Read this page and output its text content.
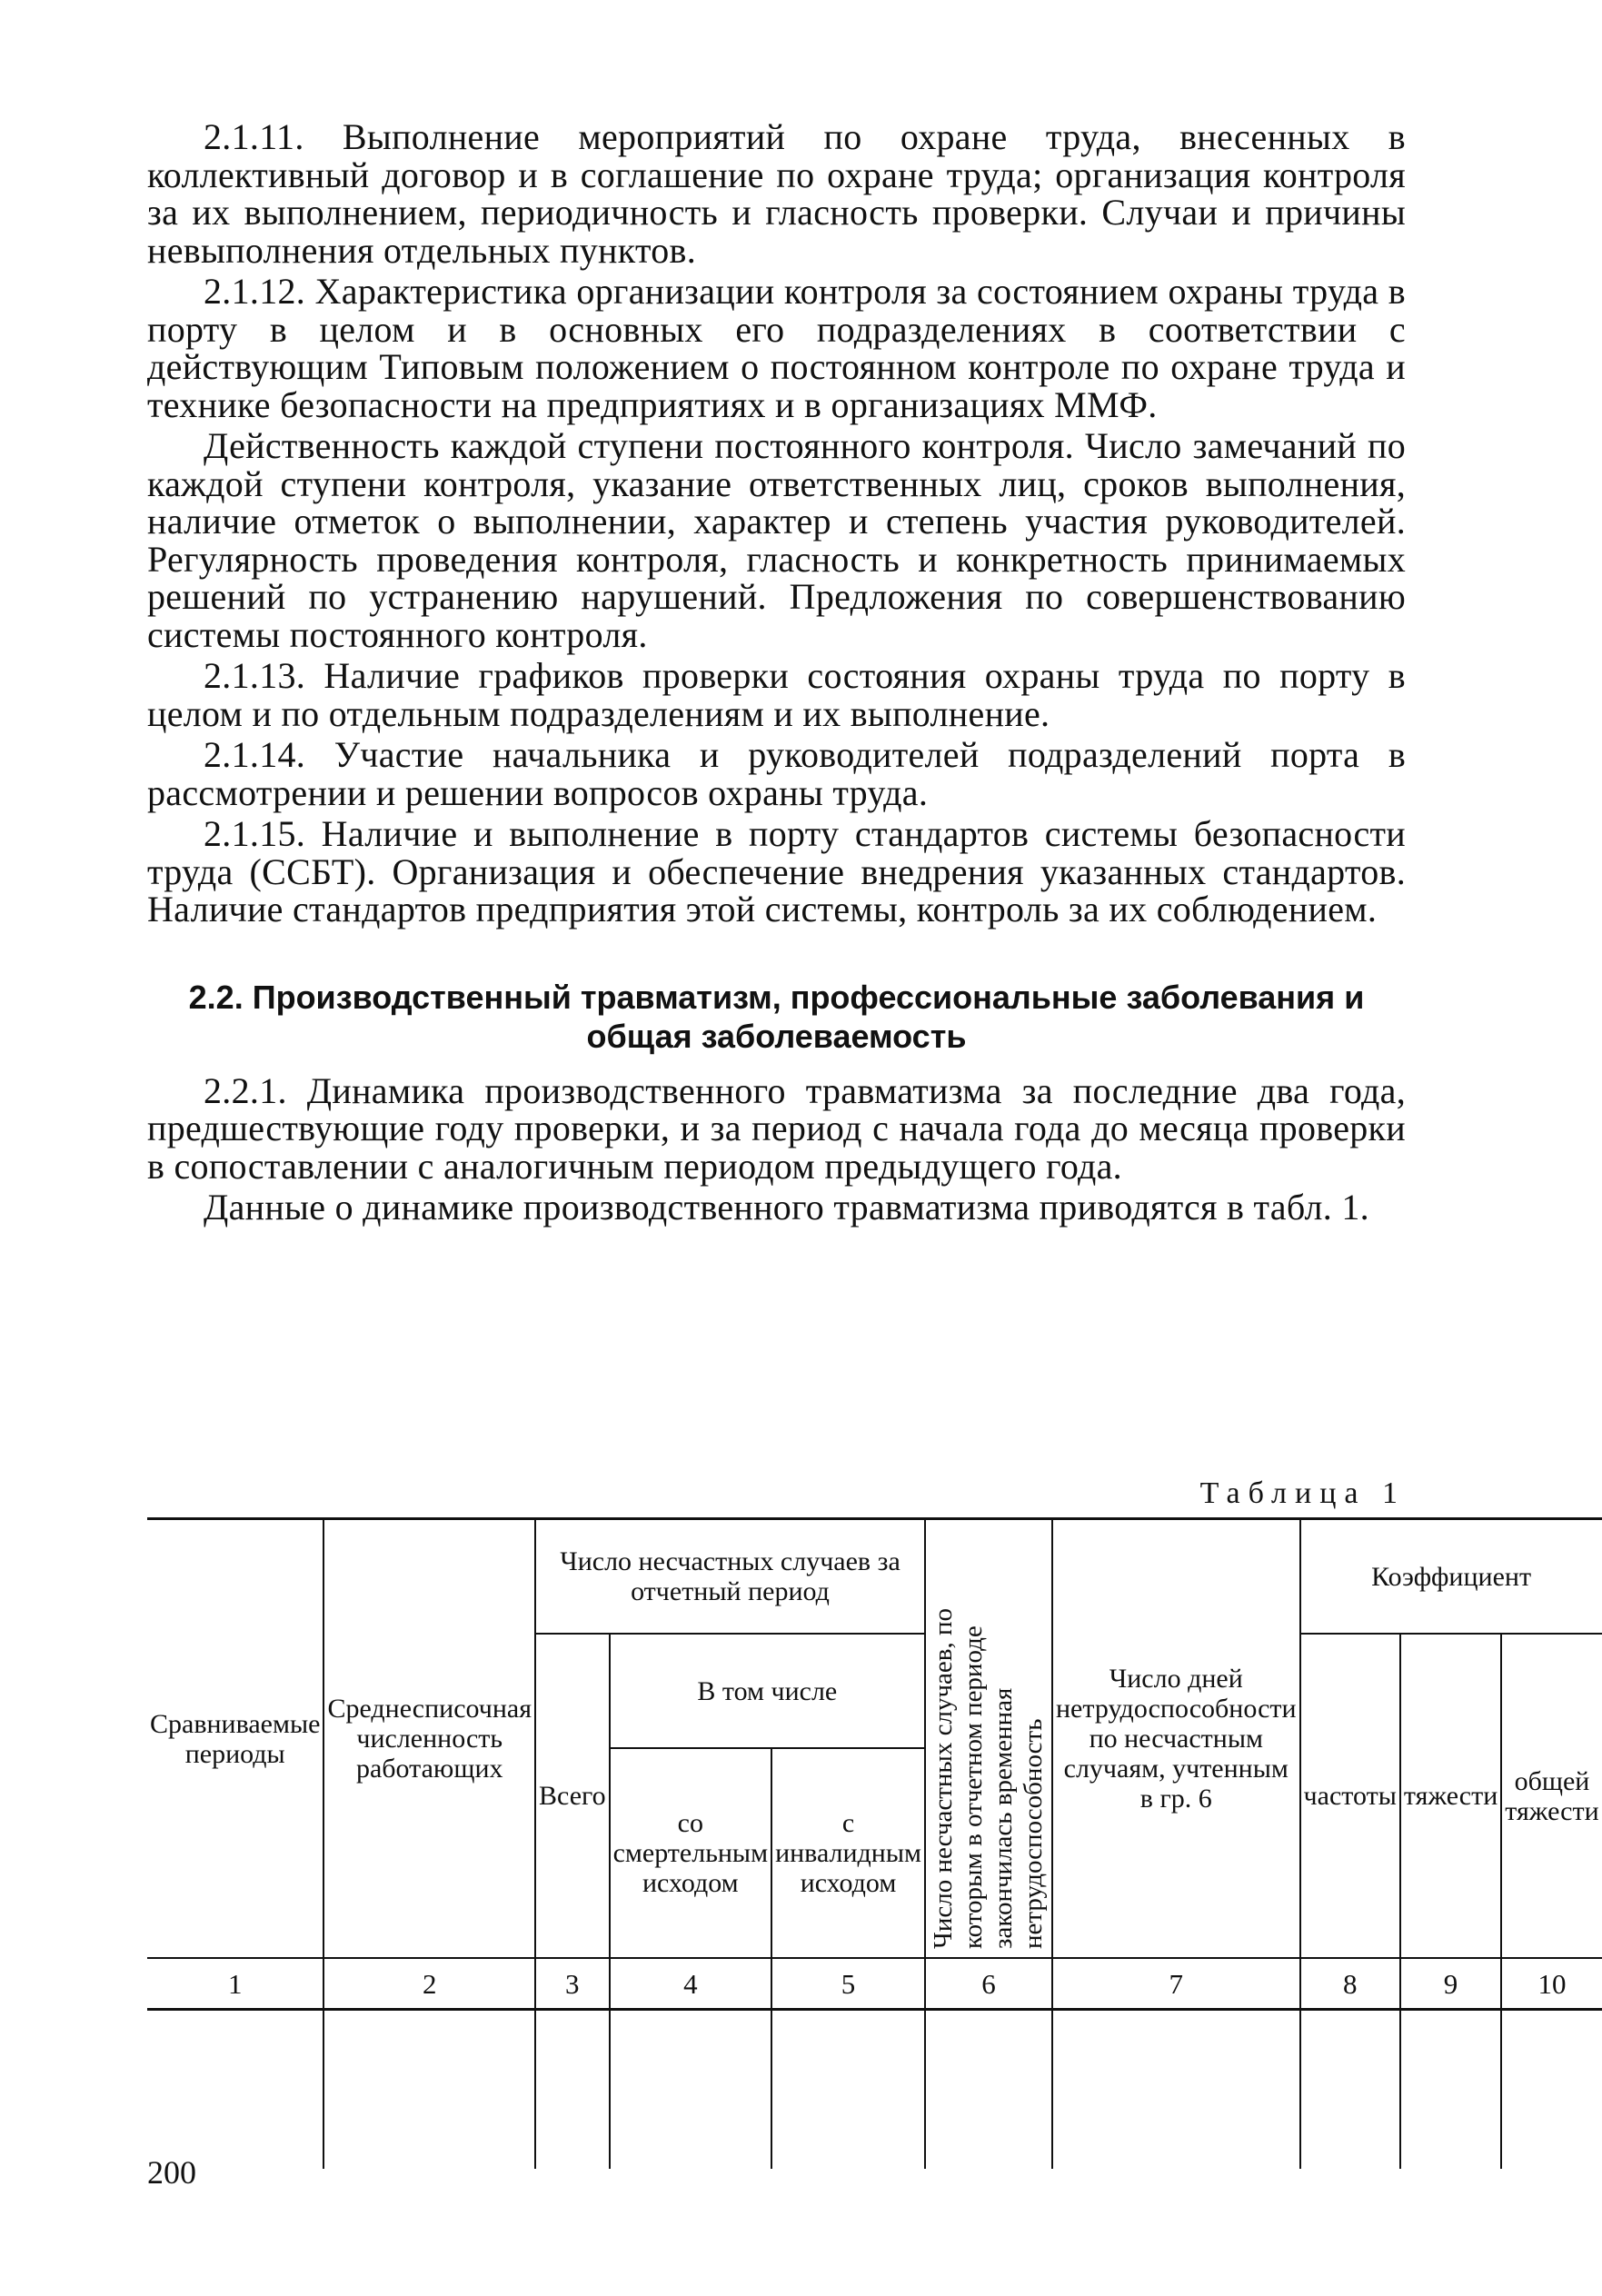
2.1.11. Выполнение мероприятий по охране труда, внесенных в коллективный договор и в соглашение по охране труда; организация контроля за их выполнением, периодичность и гласность проверки. Случаи и причины невыполнения отдельных пунктов.

2.1.12. Характеристика организации контроля за состоянием охраны труда в порту в целом и в основных его подразделениях в соответствии с действующим Типовым положением о постоянном контроле по охране труда и технике безопасности на предприятиях и в организациях ММФ.

Действенность каждой ступени постоянного контроля. Число замечаний по каждой ступени контроля, указание ответственных лиц, сроков выполнения, наличие отметок о выполнении, характер и степень участия руководителей. Регулярность проведения контроля, гласность и конкретность принимаемых решений по устранению нарушений. Предложения по совершенствованию системы постоянного контроля.

2.1.13. Наличие графиков проверки состояния охраны труда по порту в целом и по отдельным подразделениям и их выполнение.

2.1.14. Участие начальника и руководителей подразделений порта в рассмотрении и решении вопросов охраны труда.

2.1.15. Наличие и выполнение в порту стандартов системы безопасности труда (ССБТ). Организация и обеспечение внедрения указанных стандартов. Наличие стандартов предприятия этой системы, контроль за их соблюдением.

2.2. Производственный травматизм, профессиональные заболевания и общая заболеваемость

2.2.1. Динамика производственного травматизма за последние два года, предшествующие году проверки, и за период с начала года до месяца проверки в сопоставлении с аналогичным периодом предыдущего года.

Данные о динамике производственного травматизма приводятся в табл. 1.

Таблица 1
Сравниваемые периоды	Среднесписочная численность работающих	Число несчастных случаев за отчетный период			Число несчастных случаев, по которым в отчетном периоде закончилась временная нетрудоспособность	Число дней нетрудоспособности по несчастным случаям, учтенным в гр. 6	Коэффициент		
		Всего	В том числе				частоты	тяжести	общей тяжести

			со смертельным исходом	с инвалидным исходом					
1	2	3	4	5	6	7	8	9	10

200
